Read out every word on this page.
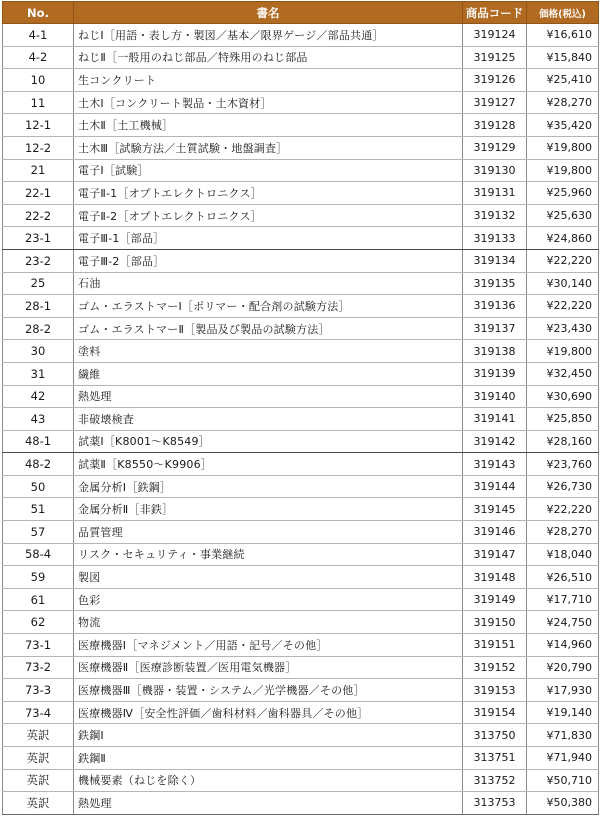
No.	書名	商品コード	価格(税込)
4-1	ねじⅠ［用語・表し方・製図／基本／限界ゲージ／部品共通］	319124	¥16,610
4-2	ねじⅡ［一般用のねじ部品／特殊用のねじ部品	319125	¥15,840
10	生コンクリート	319126	¥25,410
11	土木Ⅰ［コンクリート製品・土木資材］	319127	¥28,270
12-1	土木Ⅱ［土工機械］	319128	¥35,420
12-2	土木Ⅲ［試験方法／土質試験・地盤調査］	319129	¥19,800
21	電子Ⅰ［試験］	319130	¥19,800
22-1	電子Ⅱ-1［オプトエレクトロニクス］	319131	¥25,960
22-2	電子Ⅱ-2［オプトエレクトロニクス］	319132	¥25,630
23-1	電子Ⅲ-1［部品］	319133	¥24,860
23-2	電子Ⅲ-2［部品］	319134	¥22,220
25	石油	319135	¥30,140
28-1	ゴム・エラストマーⅠ［ポリマー・配合剤の試験方法］	319136	¥22,220
28-2	ゴム・エラストマーⅡ［製品及び製品の試験方法］	319137	¥23,430
30	塗料	319138	¥19,800
31	繊維	319139	¥32,450
42	熱処理	319140	¥30,690
43	非破壊検査	319141	¥25,850
48-1	試薬Ⅰ［K8001～K8549］	319142	¥28,160
48-2	試薬Ⅱ［K8550～K9906］	319143	¥23,760
50	金属分析Ⅰ［鉄鋼］	319144	¥26,730
51	金属分析Ⅱ［非鉄］	319145	¥22,220
57	品質管理	319146	¥28,270
58-4	リスク・セキュリティ・事業継続	319147	¥18,040
59	製図	319148	¥26,510
61	色彩	319149	¥17,710
62	物流	319150	¥24,750
73-1	医療機器Ⅰ［マネジメント／用語・記号／その他］	319151	¥14,960
73-2	医療機器Ⅱ［医療診断装置／医用電気機器］	319152	¥20,790
73-3	医療機器Ⅲ［機器・装置・システム／光学機器／その他］	319153	¥17,930
73-4	医療機器Ⅳ［安全性評価／歯科材料／歯科器具／その他］	319154	¥19,140
英訳	鉄鋼Ⅰ	313750	¥71,830
英訳	鉄鋼Ⅱ	313751	¥71,940
英訳	機械要素（ねじを除く）	313752	¥50,710
英訳	熱処理	313753	¥50,380
